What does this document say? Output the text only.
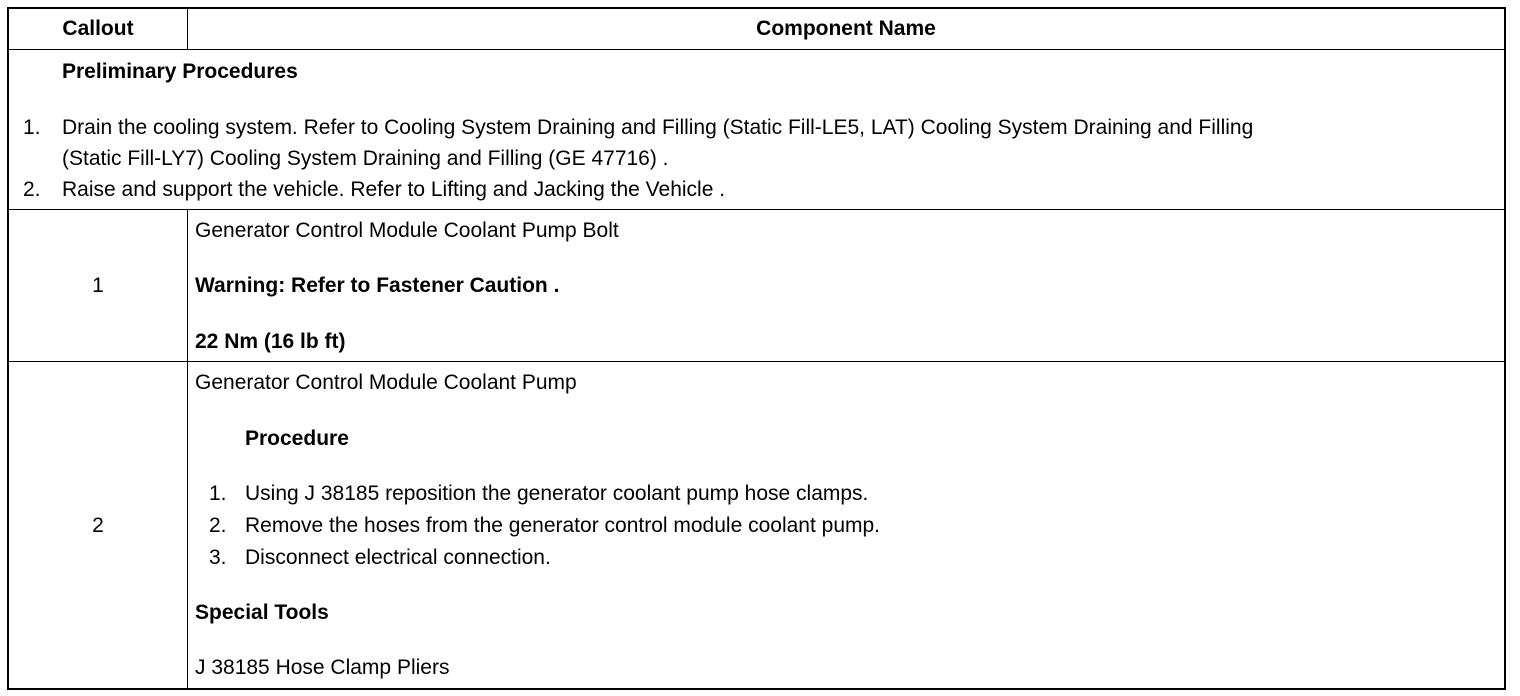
Callout	Component Name
Preliminary Procedures
1. Drain the cooling system. Refer to Cooling System Draining and Filling (Static Fill-LE5, LAT) Cooling System Draining and Filling
(Static Fill-LY7) Cooling System Draining and Filling (GE 47716) .
2. Raise and support the vehicle. Refer to Lifting and Jacking the Vehicle .
1
Generator Control Module Coolant Pump Bolt
Warning: Refer to Fastener Caution .
22 Nm (16 lb ft)
2
Generator Control Module Coolant Pump
Procedure
1. Using J 38185 reposition the generator coolant pump hose clamps.
2. Remove the hoses from the generator control module coolant pump.
3. Disconnect electrical connection.
Special Tools
J 38185 Hose Clamp Pliers
